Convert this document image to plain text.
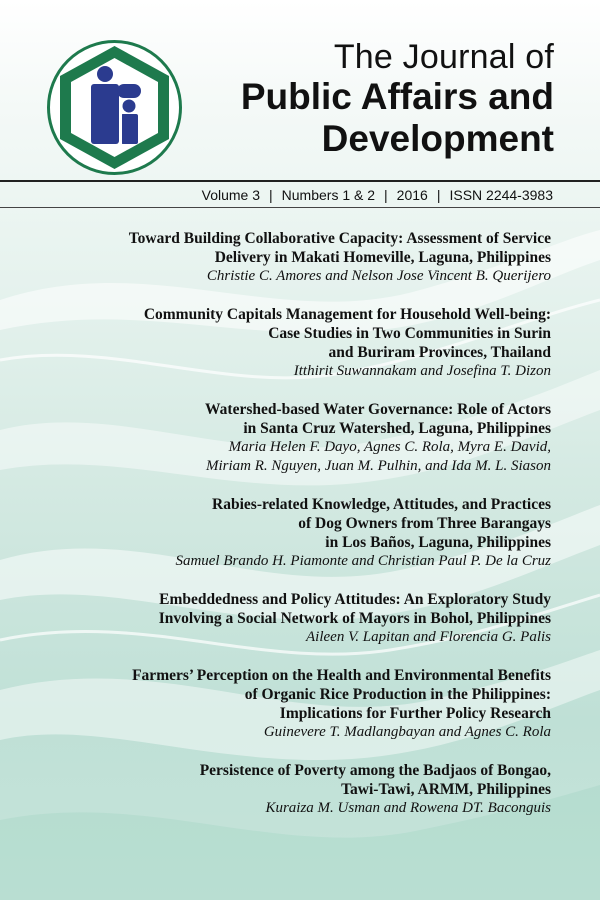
The Journal of
Public Affairs and
Development
Volume 3 | Numbers 1 & 2 | 2016 | ISSN 2244-3983
Toward Building Collaborative Capacity: Assessment of Service
Delivery in Makati Homeville, Laguna, Philippines
Christie C. Amores and Nelson Jose Vincent B. Querijero
Community Capitals Management for Household Well-being:
Case Studies in Two Communities in Surin
and Buriram Provinces, Thailand
Itthirit Suwannakam and Josefina T. Dizon
Watershed-based Water Governance: Role of Actors
in Santa Cruz Watershed, Laguna, Philippines
Maria Helen F. Dayo, Agnes C. Rola, Myra E. David,
Miriam R. Nguyen, Juan M. Pulhin, and Ida M. L. Siason
Rabies-related Knowledge, Attitudes, and Practices
of Dog Owners from Three Barangays
in Los Baños, Laguna, Philippines
Samuel Brando H. Piamonte and Christian Paul P. De la Cruz
Embeddedness and Policy Attitudes: An Exploratory Study
Involving a Social Network of Mayors in Bohol, Philippines
Aileen V. Lapitan and Florencia G. Palis
Farmers’ Perception on the Health and Environmental Benefits
of Organic Rice Production in the Philippines:
Implications for Further Policy Research
Guinevere T. Madlangbayan and Agnes C. Rola
Persistence of Poverty among the Badjaos of Bongao,
Tawi-Tawi, ARMM, Philippines
Kuraiza M. Usman and Rowena DT. Baconguis
